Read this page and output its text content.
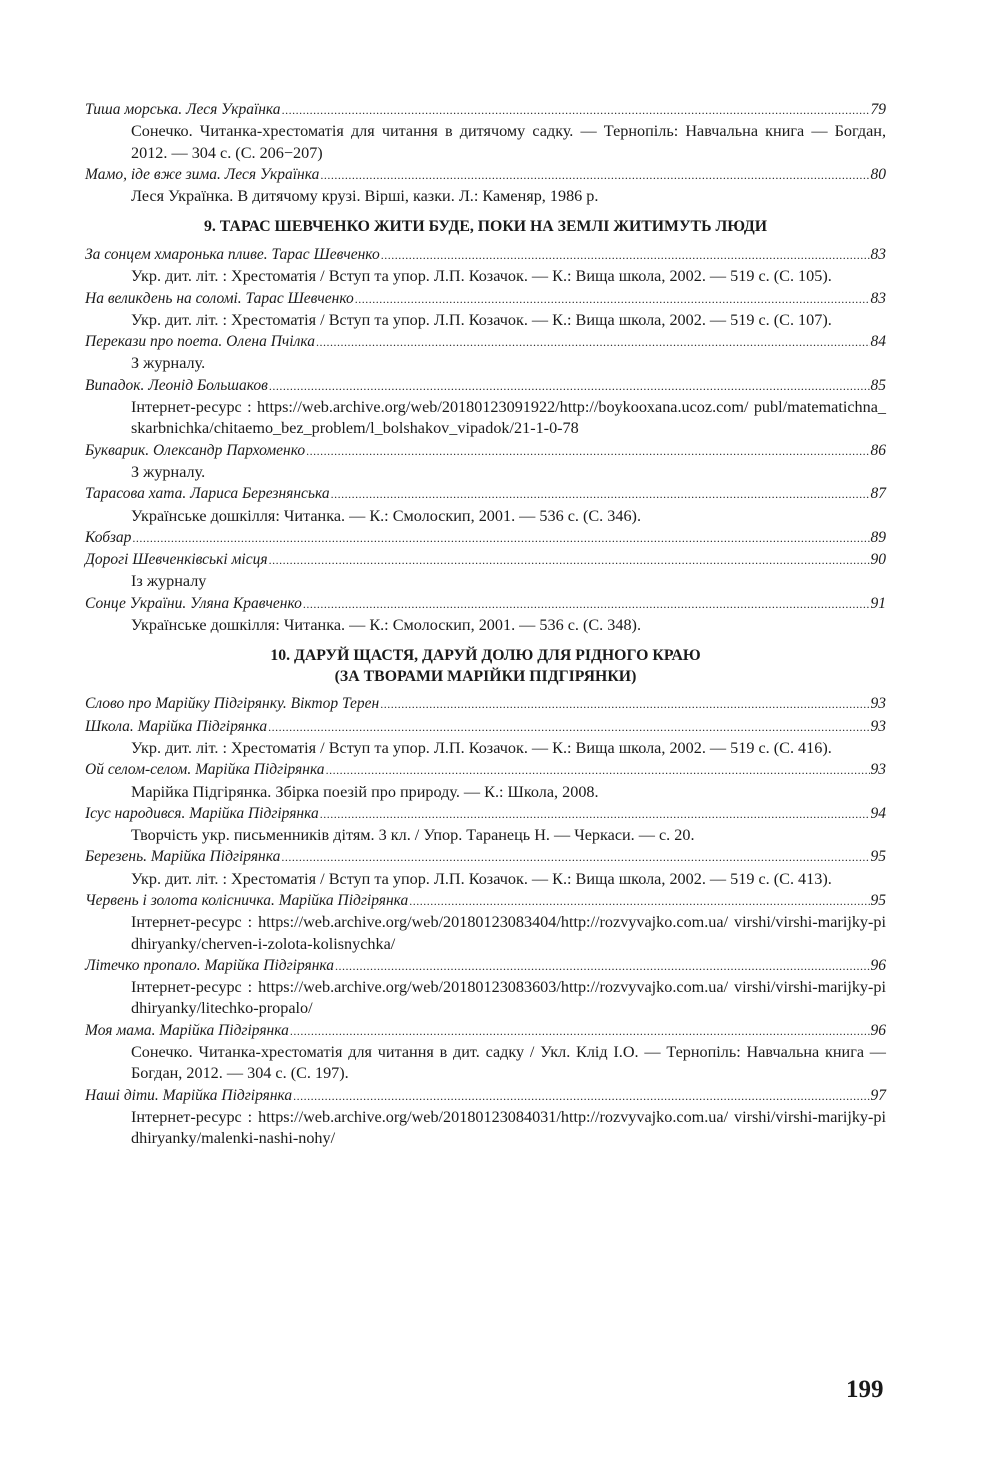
Тиша морська. Леся Українка .....	79
Сонечко. Читанка-хрестоматія для читання в дитячому садку. — Тернопіль: Навчальна книга — Богдан, 2012. — 304 с. (С. 206−207)
Мамо, іде вже зима. Леся Українка .....	80
Леся Українка. В дитячому крузі. Вірші, казки. Л.: Каменяр, 1986 р.
9. ТАРАС ШЕВЧЕНКО ЖИТИ БУДЕ, ПОКИ НА ЗЕМЛІ ЖИТИМУТЬ ЛЮДИ
За сонцем хмаронька пливе. Тарас Шевченко .....	83
Укр. дит. літ. : Хрестоматія / Вступ та упор. Л.П. Козачок. — К.: Вища школа, 2002. — 519 с. (С. 105).
На великдень на соломі. Тарас Шевченко .....	83
Укр. дит. літ. : Хрестоматія / Вступ та упор. Л.П. Козачок. — К.: Вища школа, 2002. — 519 с. (С. 107).
Перекази про поета. Олена Пчілка .....	84
З журналу.
Випадок. Леонід Большаков .....	85
Інтернет-ресурс : https://web.archive.org/web/20180123091922/http://boykooxana.ucoz.com/ publ/matematichna_skarbnichka/chitaemo_bez_problem/l_bolshakov_vipadok/21-1-0-78
Букварик. Олександр Пархоменко .....	86
З журналу.
Тарасова хата. Лариса Березнянська .....	87
Українське дошкілля: Читанка. — К.: Смолоскип, 2001. — 536 с. (С. 346).
Кобзар .....	89
Дорогі Шевченківські місця .....	90
Із журналу
Сонце України. Уляна Кравченко .....	91
Українське дошкілля: Читанка. — К.: Смолоскип, 2001. — 536 с. (С. 348).
10. ДАРУЙ ЩАСТЯ, ДАРУЙ ДОЛЮ ДЛЯ РІДНОГО КРАЮ
(ЗА ТВОРАМИ МАРІЙКИ ПІДГІРЯНКИ)
Слово про Марійку Підгірянку. Віктор Терен .....	93
Школа. Марійка Підгірянка .....	93
Укр. дит. літ. : Хрестоматія / Вступ та упор. Л.П. Козачок. — К.: Вища школа, 2002. — 519 с. (С. 416).
Ой селом-селом. Марійка Підгірянка .....	93
Марійка Підгірянка. Збірка поезій про природу. — К.: Школа, 2008.
Ісус народився. Марійка Підгірянка .....	94
Творчість укр. письменників дітям. 3 кл. / Упор. Таранець Н. — Черкаси. — с. 20.
Березень. Марійка Підгірянка .....	95
Укр. дит. літ. : Хрестоматія / Вступ та упор. Л.П. Козачок. — К.: Вища школа, 2002. — 519 с. (С. 413).
Червень і золота колісничка. Марійка Підгірянка .....	95
Інтернет-ресурс : https://web.archive.org/web/20180123083404/http://rozvyvajko.com.ua/ virshi/virshi-marijky-pidhiryanky/cherven-i-zolota-kolisnychka/
Літечко пропало. Марійка Підгірянка .....	96
Інтернет-ресурс : https://web.archive.org/web/20180123083603/http://rozvyvajko.com.ua/ virshi/virshi-marijky-pidhiryanky/litechko-propalo/
Моя мама. Марійка Підгірянка .....	96
Сонечко. Читанка-хрестоматія для читання в дит. садку / Укл. Клід І.О. — Тернопіль: Навчальна книга — Богдан, 2012. — 304 с. (С. 197).
Наші діти. Марійка Підгірянка .....	97
Інтернет-ресурс : https://web.archive.org/web/20180123084031/http://rozvyvajko.com.ua/ virshi/virshi-marijky-pidhiryanky/malenki-nashi-nohy/
199
